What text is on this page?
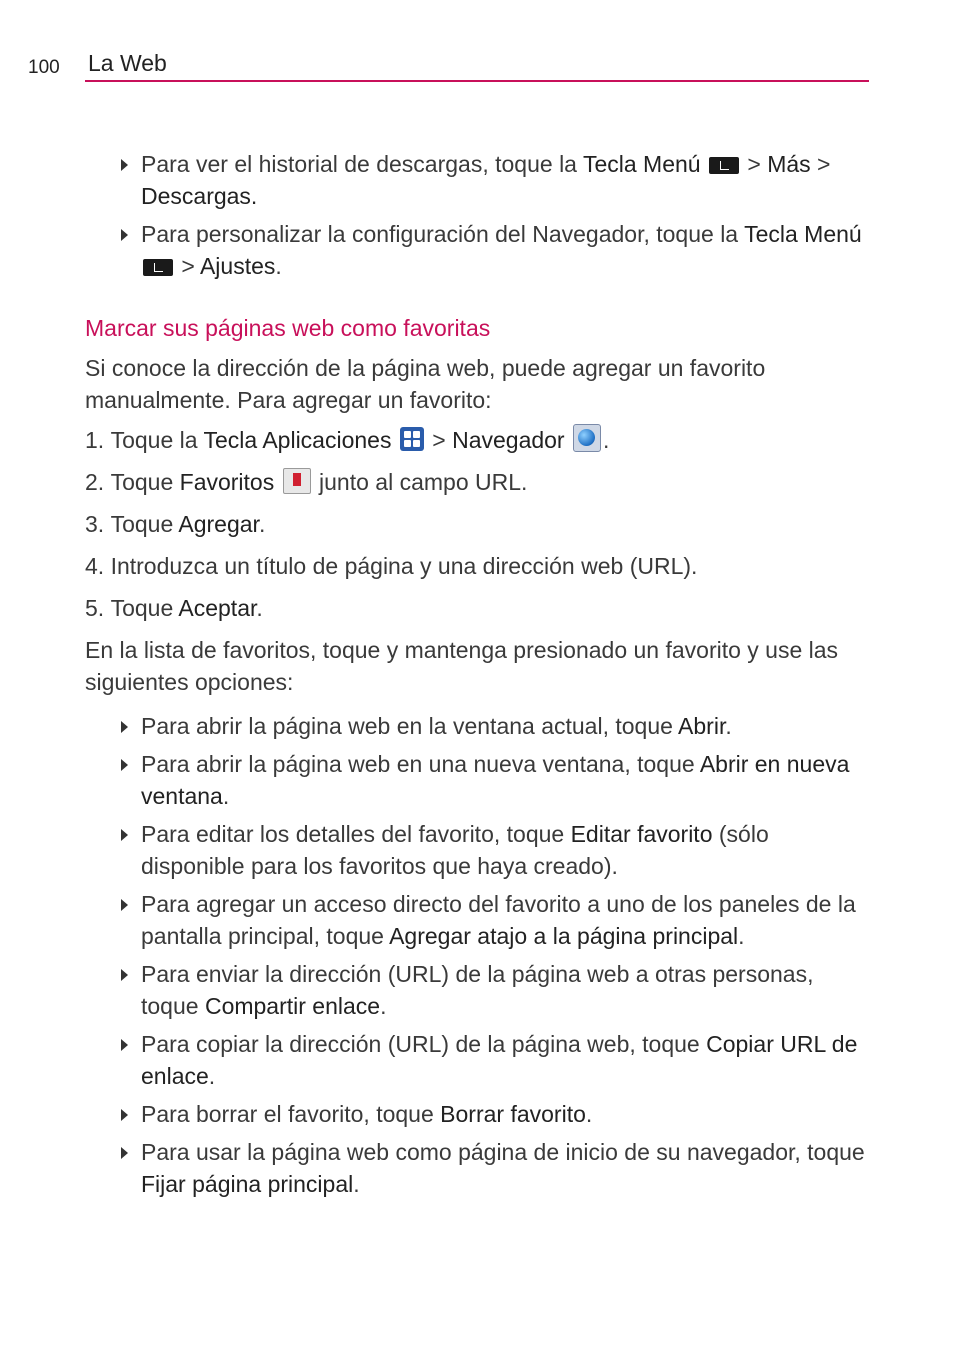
100 La Web
Para ver el historial de descargas, toque la Tecla Menú  > Más >
Descargas.
Para personalizar la configuración del Navegador, toque la Tecla Menú
> Ajustes.
Marcar sus páginas web como favoritas
Si conoce la dirección de la página web, puede agregar un favorito manualmente. Para agregar un favorito:
1. Toque la Tecla Aplicaciones
> Navegador .
2. Toque Favoritos  junto al campo URL.
3. Toque Agregar.
4. Introduzca un título de página y una dirección web (URL).
5. Toque Aceptar.
En la lista de favoritos, toque y mantenga presionado un favorito y use las siguientes opciones:
Para abrir la página web en la ventana actual, toque Abrir.
Para abrir la página web en una nueva ventana, toque Abrir en nueva ventana.
Para editar los detalles del favorito, toque Editar favorito (sólo disponible para los favoritos que haya creado).
Para agregar un acceso directo del favorito a uno de los paneles de la pantalla principal, toque Agregar atajo a la página principal.
Para enviar la dirección (URL) de la página web a otras personas, toque Compartir enlace.
Para copiar la dirección (URL) de la página web, toque Copiar URL de enlace.
Para borrar el favorito, toque Borrar favorito.
Para usar la página web como página de inicio de su navegador, toque Fijar página principal.
